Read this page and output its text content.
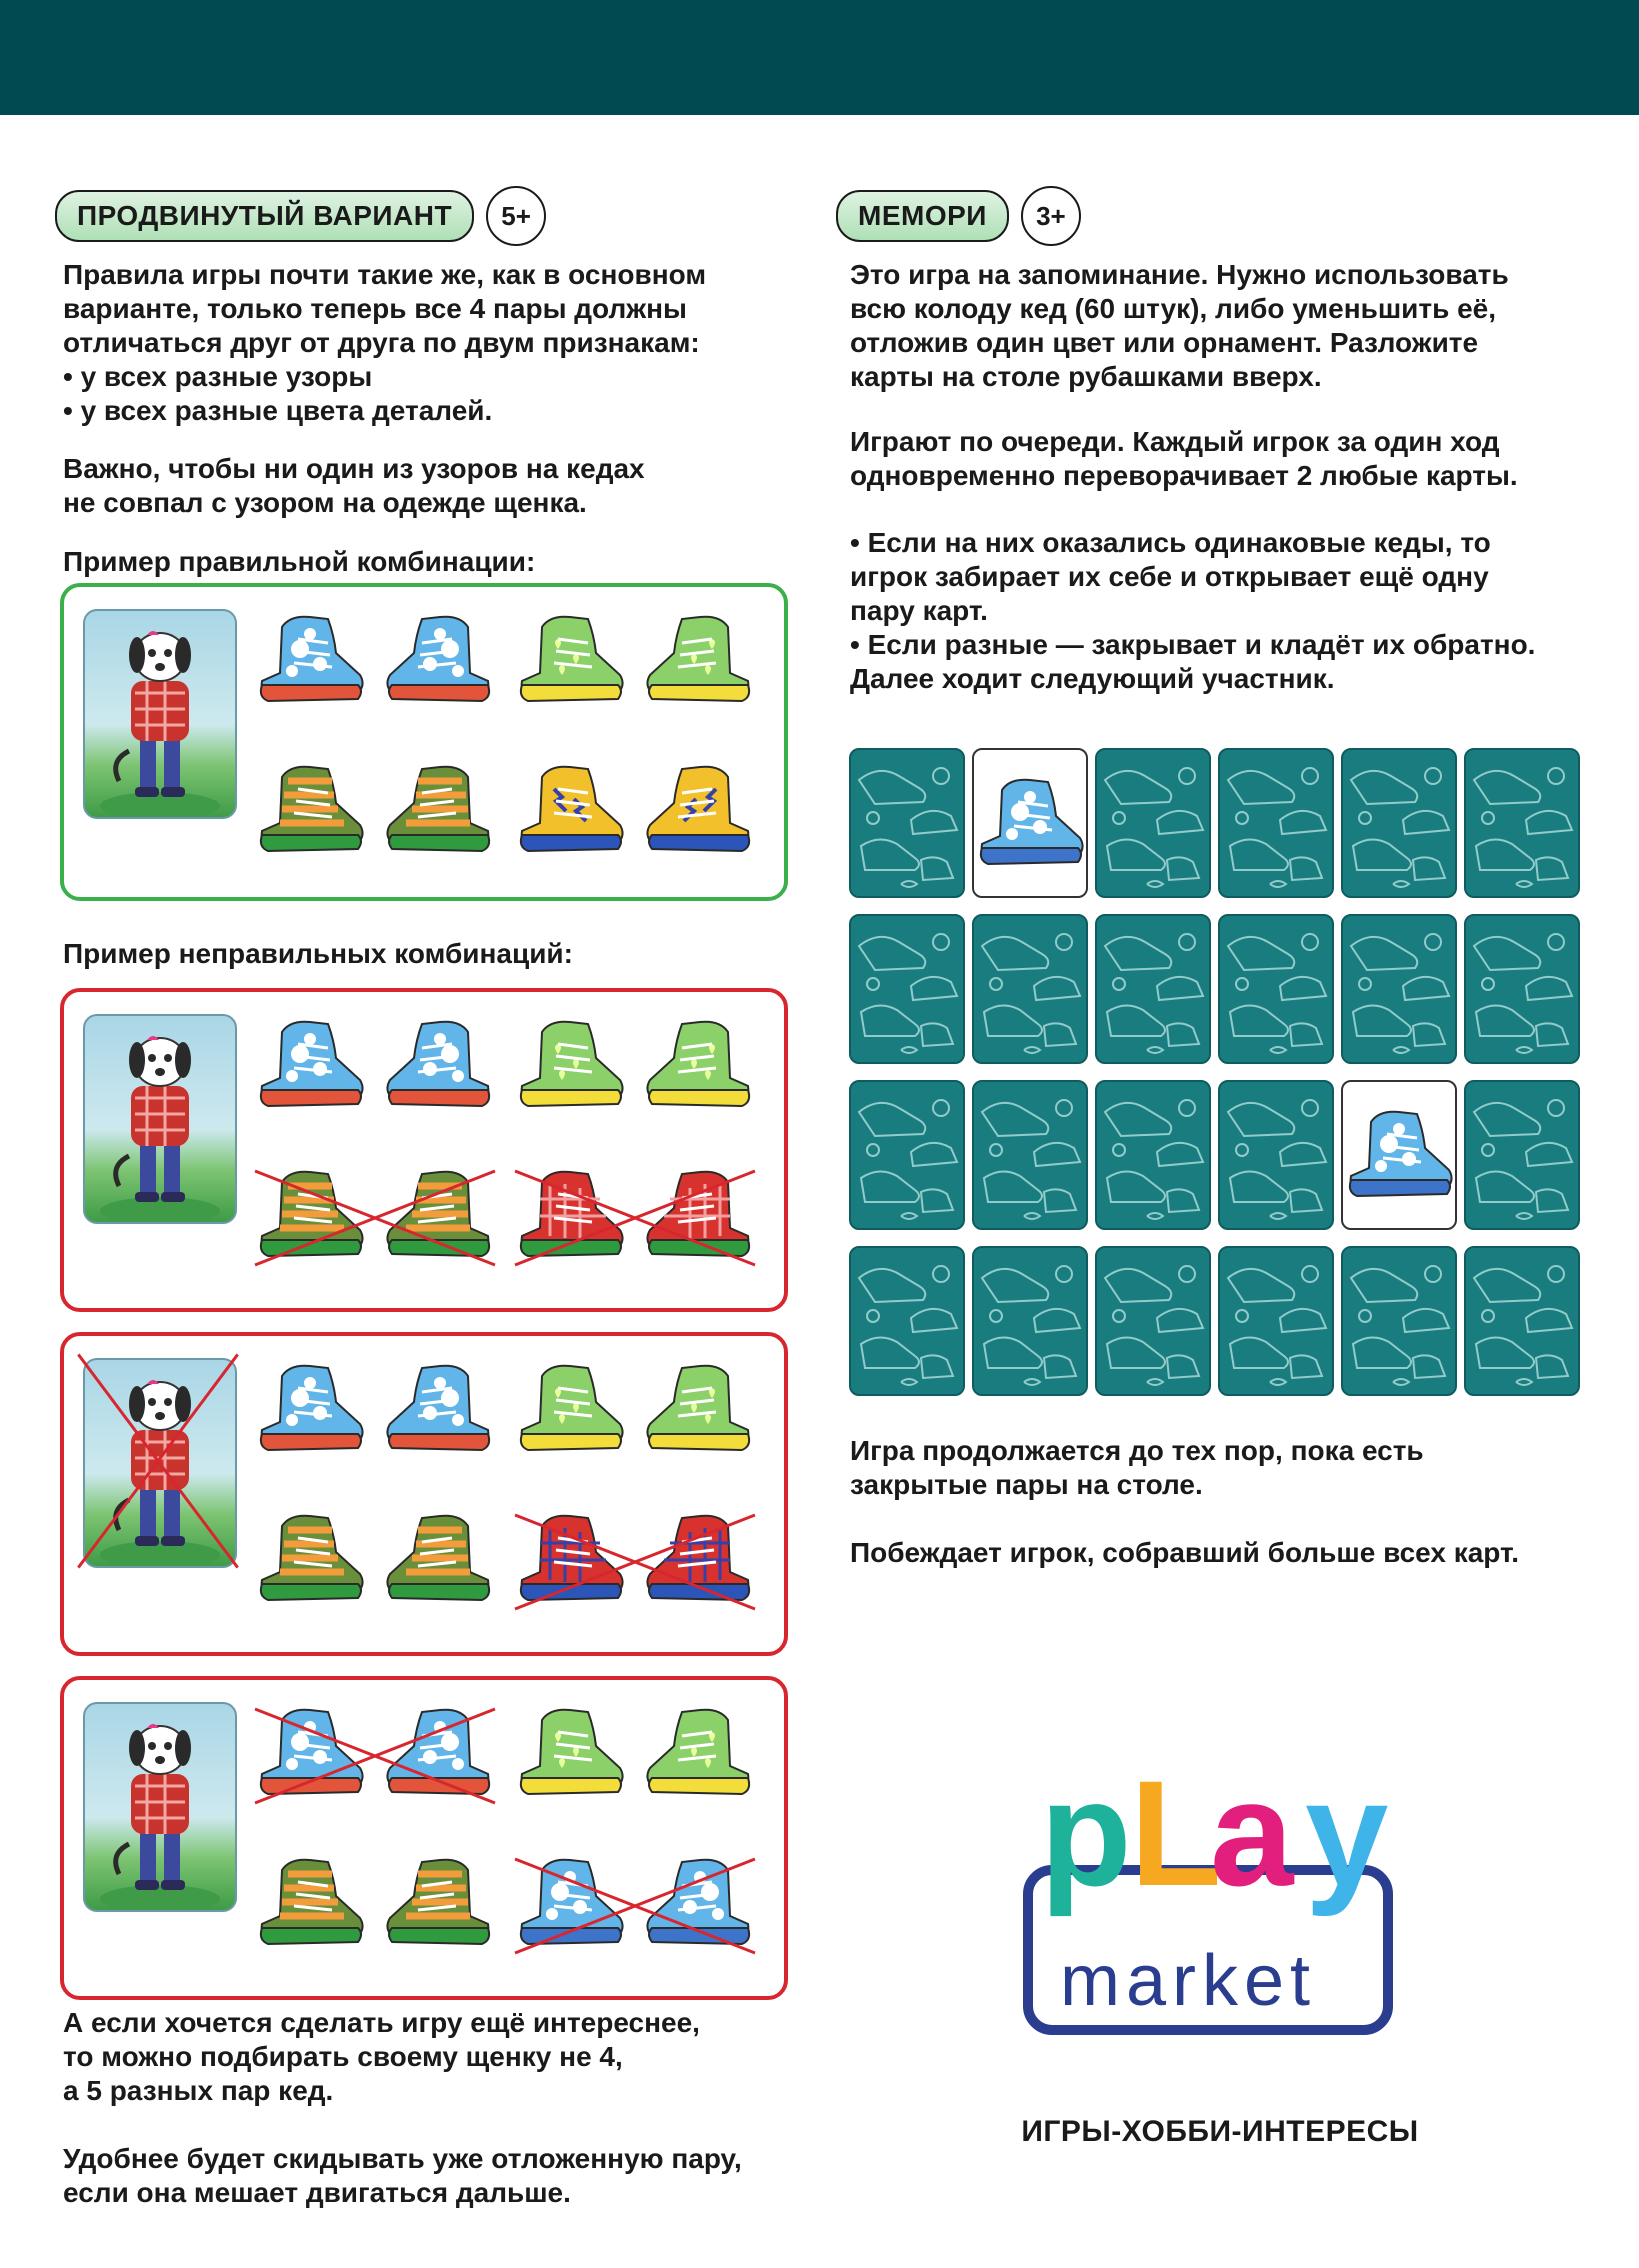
ПРОДВИНУТЫЙ ВАРИАНТ	5+

Правила игры почти такие же, как в основном

варианте, только теперь все 4 пары должны

отличаться друг от друга по двум признакам:

• у всех разные узоры

• у всех разные цвета деталей.

Важно, чтобы ни один из узоров на кедах

не совпал с узором на одежде щенка.

Пример правильной комбинации:
Пример неправильных комбинаций:

А если хочется сделать игру ещё интереснее,

то можно подбирать своему щенку не 4,

а 5 разных пар кед.

Удобнее будет скидывать уже отложенную пару,

если она мешает двигаться дальше.

МЕМОРИ	3+

Это игра на запоминание. Нужно использовать

всю колоду кед (60 штук), либо уменьшить её,

отложив один цвет или орнамент. Разложите

карты на столе рубашками вверх.

Играют по очереди. Каждый игрок за один ход

одновременно переворачивает 2 любые карты.

• Если на них оказались одинаковые кеды, то

игрок забирает их себе и открывает ещё одну

пару карт.

• Если разные — закрывает и кладёт их обратно.

Далее ходит следующий участник.

Игра продолжается до тех пор, пока есть

закрытые пары на столе.

Побеждает игрок, собравший больше всех карт.
p
L
a y
market
ИГРЫ-ХОББИ-ИНТЕРЕСЫ
